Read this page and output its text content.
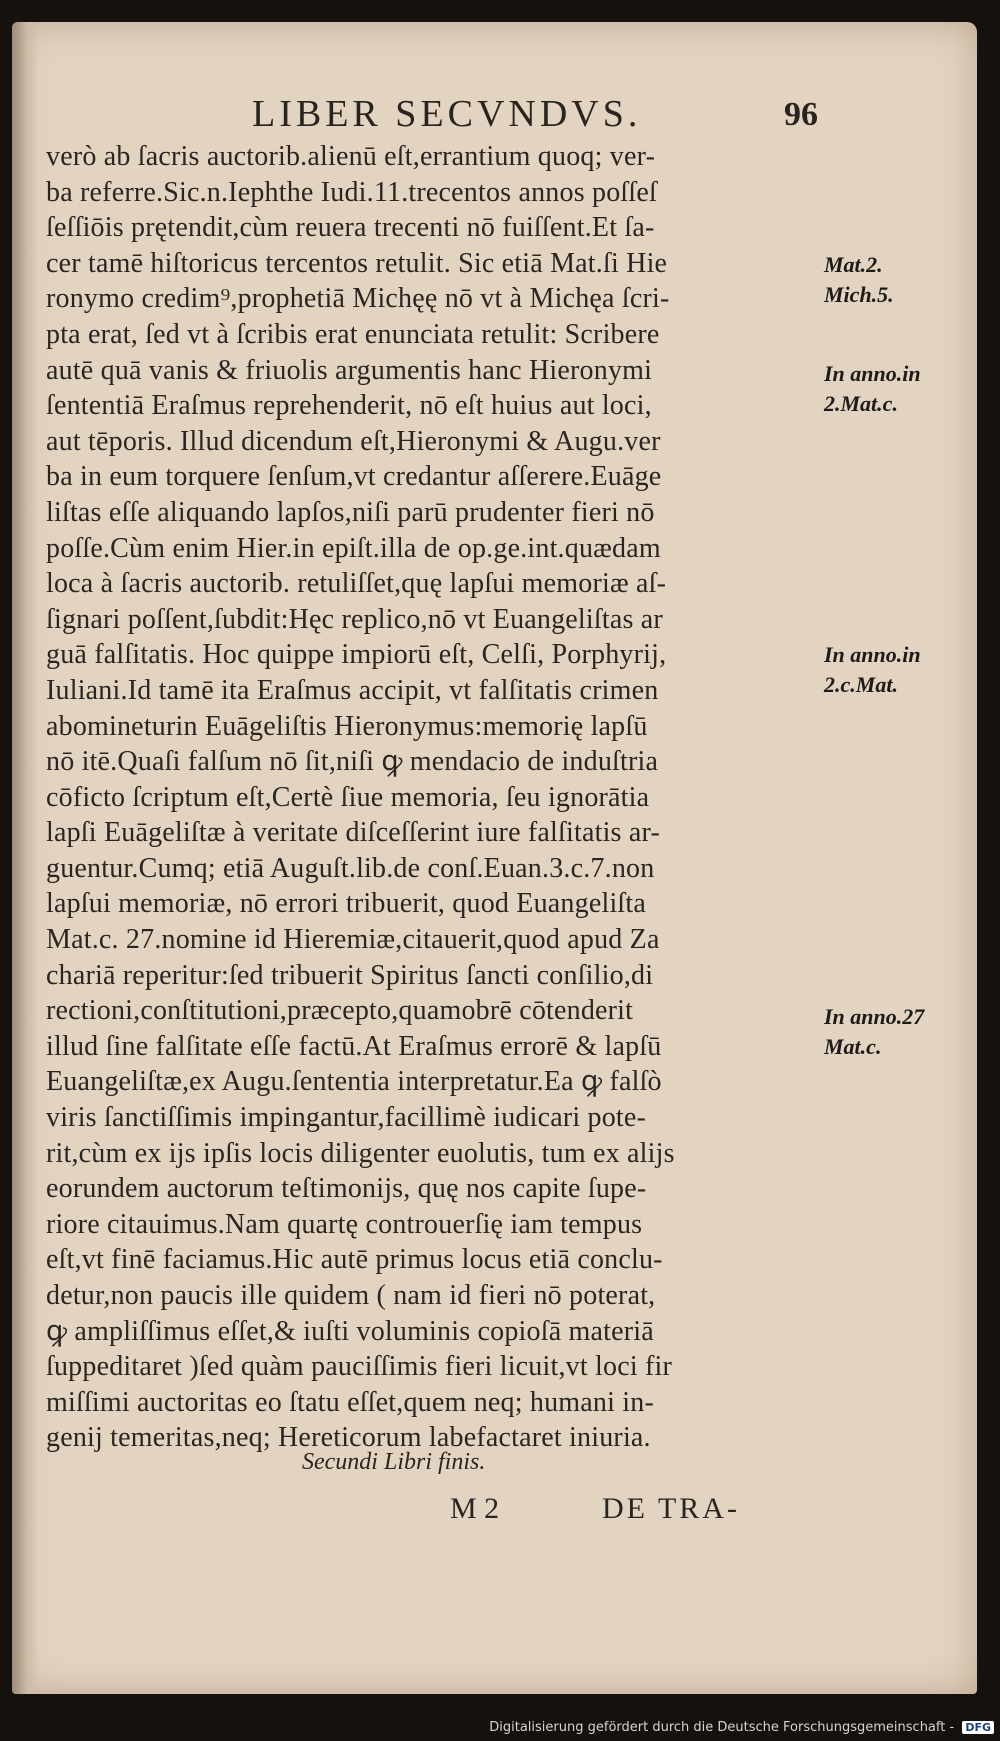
LIBER SECVNDVS.	96
verò ab ſacris auctorib.alienū eſt,errantium quoq; ver-
ba referre.Sic.n.Iephthe Iudi.11.trecentos annos poſſeſ
ſeſſiōis prętendit,cùm reuera trecenti nō fuiſſent.Et ſa-
cer tamē hiſtoricus tercentos retulit. Sic etiā Mat.ſi Hie
ronymo credim⁹,prophetiā Michęę nō vt à Michęa ſcri-
pta erat, ſed vt à ſcribis erat enunciata retulit: Scribere
autē quā vanis & friuolis argumentis hanc Hieronymi
ſententiā Eraſmus reprehenderit, nō eſt huius aut loci,
aut tēporis. Illud dicendum eſt,Hieronymi & Augu.ver
ba in eum torquere ſenſum,vt credantur aſſerere.Euāge
liſtas eſſe aliquando lapſos,niſi parū prudenter fieri nō
poſſe.Cùm enim Hier.in epiſt.illa de op.ge.int.quædam
loca à ſacris auctorib. retuliſſet,quę lapſui memoriæ aſ-
ſignari poſſent,ſubdit:Hęc replico,nō vt Euangeliſtas ar
guā falſitatis. Hoc quippe impiorū eſt, Celſi, Porphyrij,
Iuliani.Id tamē ita Eraſmus accipit, vt falſitatis crimen
abomineturin Euāgeliſtis Hieronymus:memorię lapſū
nō itē.Quaſi falſum nō ſit,niſi ꝙ mendacio de induſtria
cōficto ſcriptum eſt,Certè ſiue memoria, ſeu ignorātia
lapſi Euāgeliſtæ à veritate diſceſſerint iure falſitatis ar-
guentur.Cumq; etiā Auguſt.lib.de conſ.Euan.3.c.7.non
lapſui memoriæ, nō errori tribuerit, quod Euangeliſta
Mat.c. 27.nomine id Hieremiæ,citauerit,quod apud Za
chariā reperitur:ſed tribuerit Spiritus ſancti conſilio,di
rectioni,conſtitutioni,præcepto,quamobrē cōtenderit
illud ſine falſitate eſſe factū.At Eraſmus errorē & lapſū
Euangeliſtæ,ex Augu.ſententia interpretatur.Ea ꝙ falſò
viris ſanctiſſimis impingantur,facillimè iudicari pote-
rit,cùm ex ijs ipſis locis diligenter euolutis, tum ex alijs
eorundem auctorum teſtimonijs, quę nos capite ſupe-
riore citauimus.Nam quartę controuerſię iam tempus
eſt,vt finē faciamus.Hic autē primus locus etiā conclu-
detur,non paucis ille quidem ( nam id fieri nō poterat,
ꝙ ampliſſimus eſſet,& iuſti voluminis copioſā materiā
ſuppeditaret )ſed quàm pauciſſimis fieri licuit,vt loci fir
miſſimi auctoritas eo ſtatu eſſet,quem neq; humani in-
genij temeritas,neq; Hereticorum labefactaret iniuria.
Mat.2.
Mich.5.
In anno.in
2.Mat.c.
In anno.in
2.c.Mat.
In anno.27
Mat.c.
Secundi Libri finis.
M 2	DE TRA-
Digitalisierung gefördert durch die Deutsche Forschungsgemeinschaft - DFG
